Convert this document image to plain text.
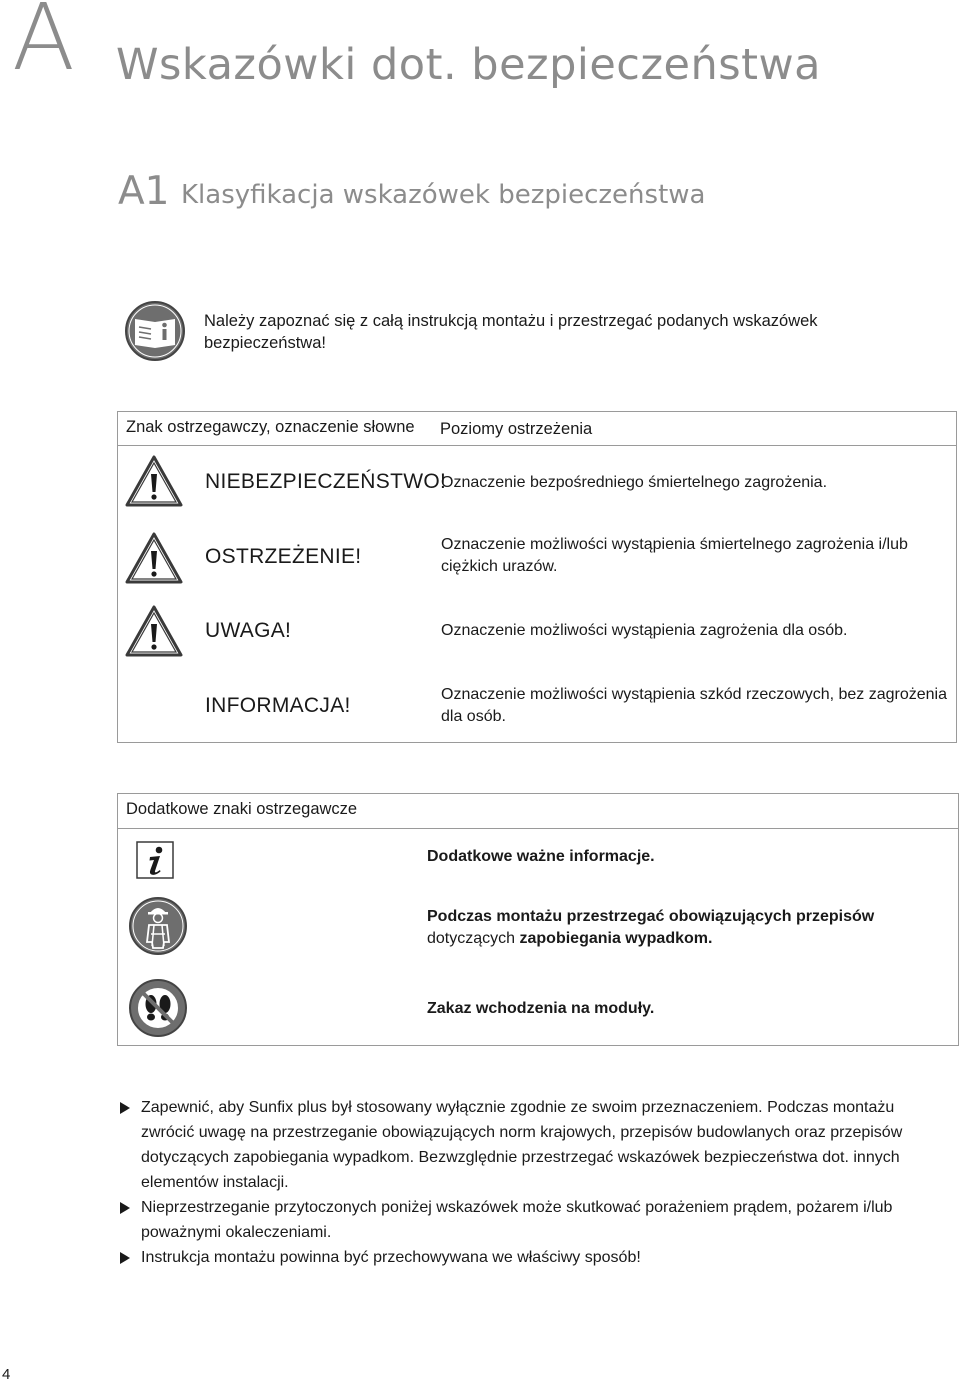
A Wskazówki dot. bezpieczeństwa
A1 Klasyfikacja wskazówek bezpieczeństwa
Należy zapoznać się z całą instrukcją montażu i przestrzegać podanych wskazówek bezpieczeństwa!
Znak ostrzegawczy, oznaczenie słowne Poziomy ostrzeżenia
NIEBEZPIECZEŃSTWO!
Oznaczenie bezpośredniego śmiertelnego zagrożenia.
OSTRZEŻENIE!
Oznaczenie możliwości wystąpienia śmiertelnego zagrożenia i/lub ciężkich urazów.
UWAGA!	Oznaczenie możliwości wystąpienia zagrożenia dla osób.
INFORMACJA!	Oznaczenie możliwości wystąpienia szkód rzeczowych, bez zagrożenia dla osób.
Dodatkowe znaki ostrzegawcze
Dodatkowe ważne informacje.
Podczas montażu przestrzegać obowiązujących przepisów
dotyczących zapobiegania wypadkom.
Zakaz wchodzenia na moduły.
Zapewnić, aby Sunfix plus był stosowany wyłącznie zgodnie ze swoim przeznaczeniem. Podczas montażu zwrócić uwagę na przestrzeganie obowiązujących norm krajowych, przepisów budowlanych oraz przepisów dotyczących zapobiegania wypadkom. Bezwzględnie przestrzegać wskazówek bezpieczeństwa dot. innych elementów instalacji.
Nieprzestrzeganie przytoczonych poniżej wskazówek może skutkować porażeniem prądem, pożarem i/lub poważnymi okaleczeniami.
Instrukcja montażu powinna być przechowywana we właściwy sposób!
4
